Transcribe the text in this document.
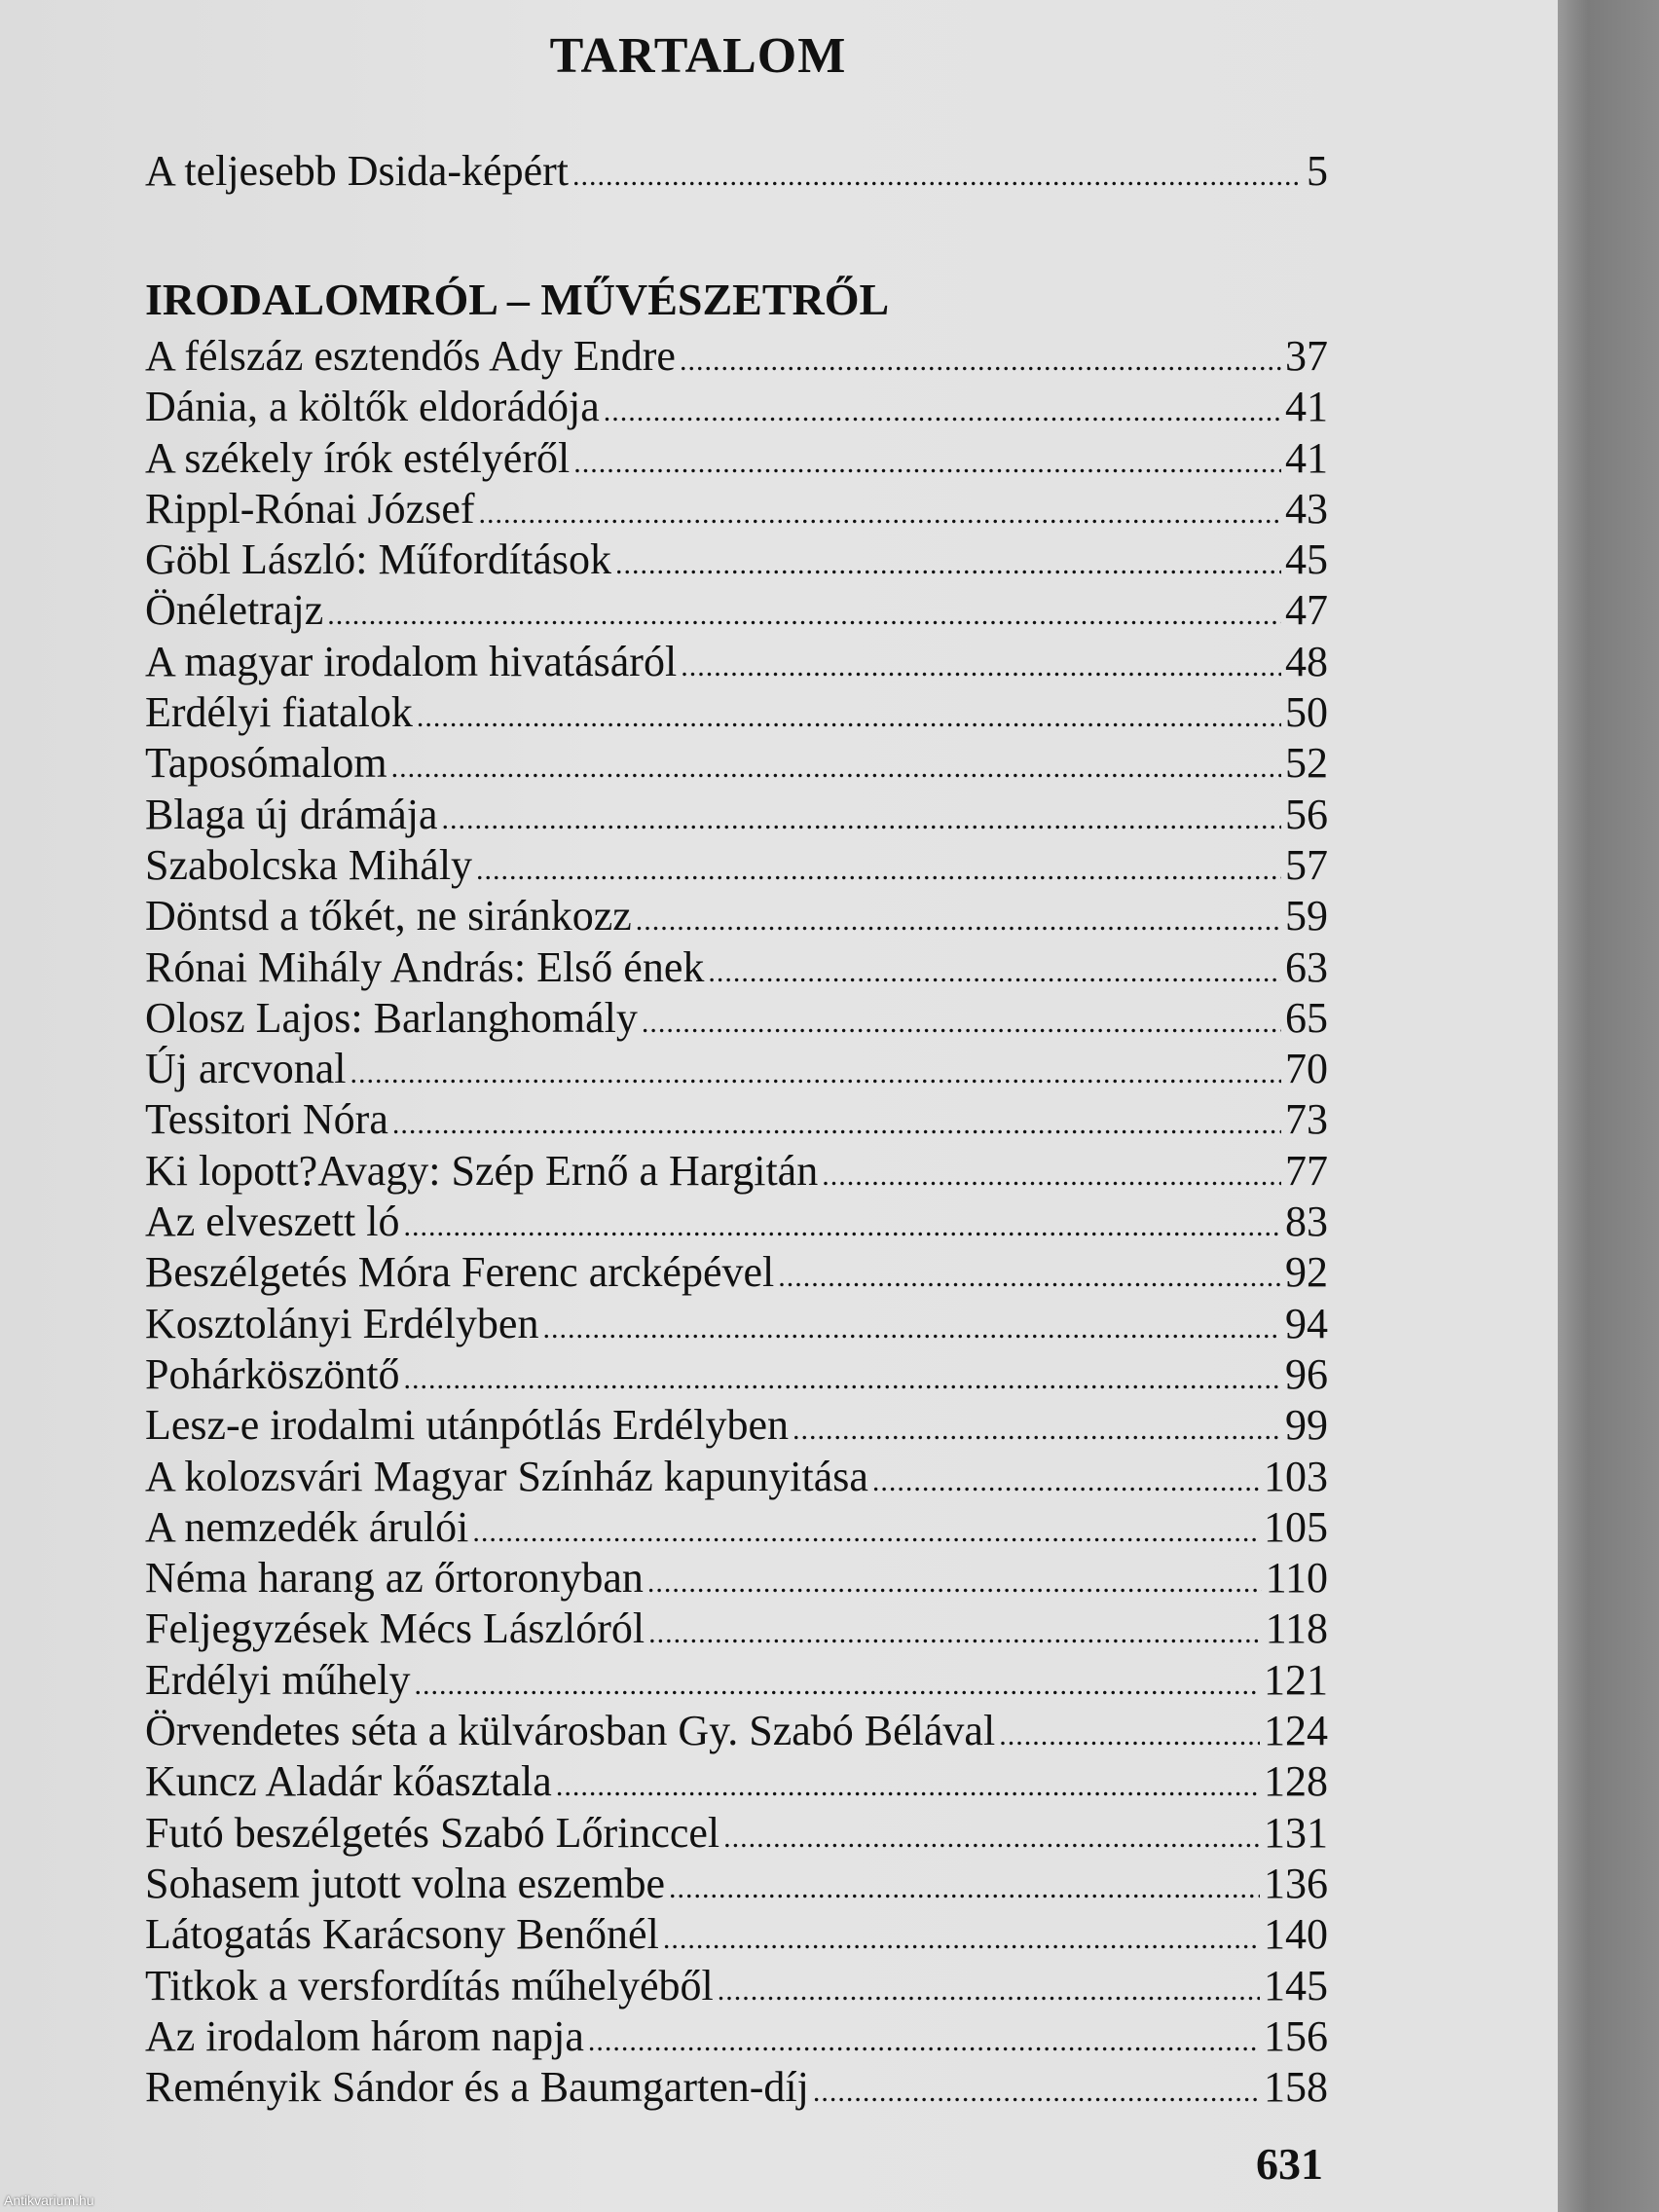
TARTALOM
A teljesebb Dsida-képért .....	5
IRODALOMRÓL – MŰVÉSZETRŐL
A félszáz esztendős Ady Endre .....	37
Dánia, a költők eldorádója .....	41
A székely írók estélyéről .....	41
Rippl-Rónai József .....	43
Göbl László: Műfordítások .....	45
Önéletrajz .....	47
A magyar irodalom hivatásáról .....	48
Erdélyi fiatalok .....	50
Taposómalom .....	52
Blaga új drámája .....	56
Szabolcska Mihály .....	57
Döntsd a tőkét, ne siránkozz .....	59
Rónai Mihály András: Első ének .....	63
Olosz Lajos: Barlanghomály .....	65
Új arcvonal .....	70
Tessitori Nóra .....	73
Ki lopott?Avagy: Szép Ernő a Hargitán .....	77
Az elveszett ló .....	83
Beszélgetés Móra Ferenc arcképével .....	92
Kosztolányi Erdélyben .....	94
Pohárköszöntő .....	96
Lesz-e irodalmi utánpótlás Erdélyben .....	99
A kolozsvári Magyar Színház kapunyitása .....	103
A nemzedék árulói .....	105
Néma harang az őrtoronyban .....	110
Feljegyzések Mécs Lászlóról .....	118
Erdélyi műhely .....	121
Örvendetes séta a külvárosban Gy. Szabó Bélával .....	124
Kuncz Aladár kőasztala .....	128
Futó beszélgetés Szabó Lőrinccel .....	131
Sohasem jutott volna eszembe .....	136
Látogatás Karácsony Benőnél .....	140
Titkok a versfordítás műhelyéből .....	145
Az irodalom három napja .....	156
Reményik Sándor és a Baumgarten-díj .....	158
631
Antikvarium.hu
